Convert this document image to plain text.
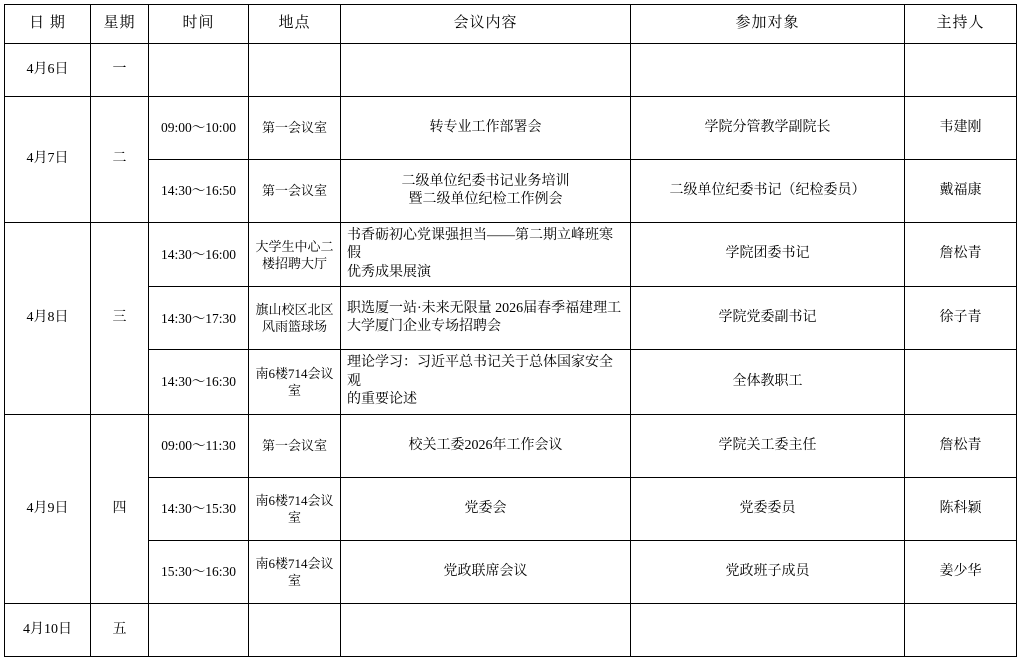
日 期	星期	时间	地点	会议内容	参加对象	主持人
4月6日	一					
4月7日	二	09:00～10:00	第一会议室	转专业工作部署会	学院分管教学副院长	韦建刚
		14:30～16:50	第一会议室	二级单位纪委书记业务培训
暨二级单位纪检工作例会	二级单位纪委书记（纪检委员）	戴福康
4月8日	三	14:30～16:00	大学生中心二楼招聘大厅	书香砺初心党课强担当——第二期立峰班寒假
优秀成果展演	学院团委书记	詹松青
		14:30～17:30	旗山校区北区风雨篮球场	职选厦一站·未来无限量 2026届春季福建理工
大学厦门企业专场招聘会	学院党委副书记	徐子青
		14:30～16:30	南6楼714会议室	理论学习：习近平总书记关于总体国家安全观
的重要论述	全体教职工	
4月9日	四	09:00～11:30	第一会议室	校关工委2026年工作会议	学院关工委主任	詹松青
		14:30～15:30	南6楼714会议室	党委会	党委委员	陈科颖
		15:30～16:30	南6楼714会议室	党政联席会议	党政班子成员	姜少华
4月10日	五					
